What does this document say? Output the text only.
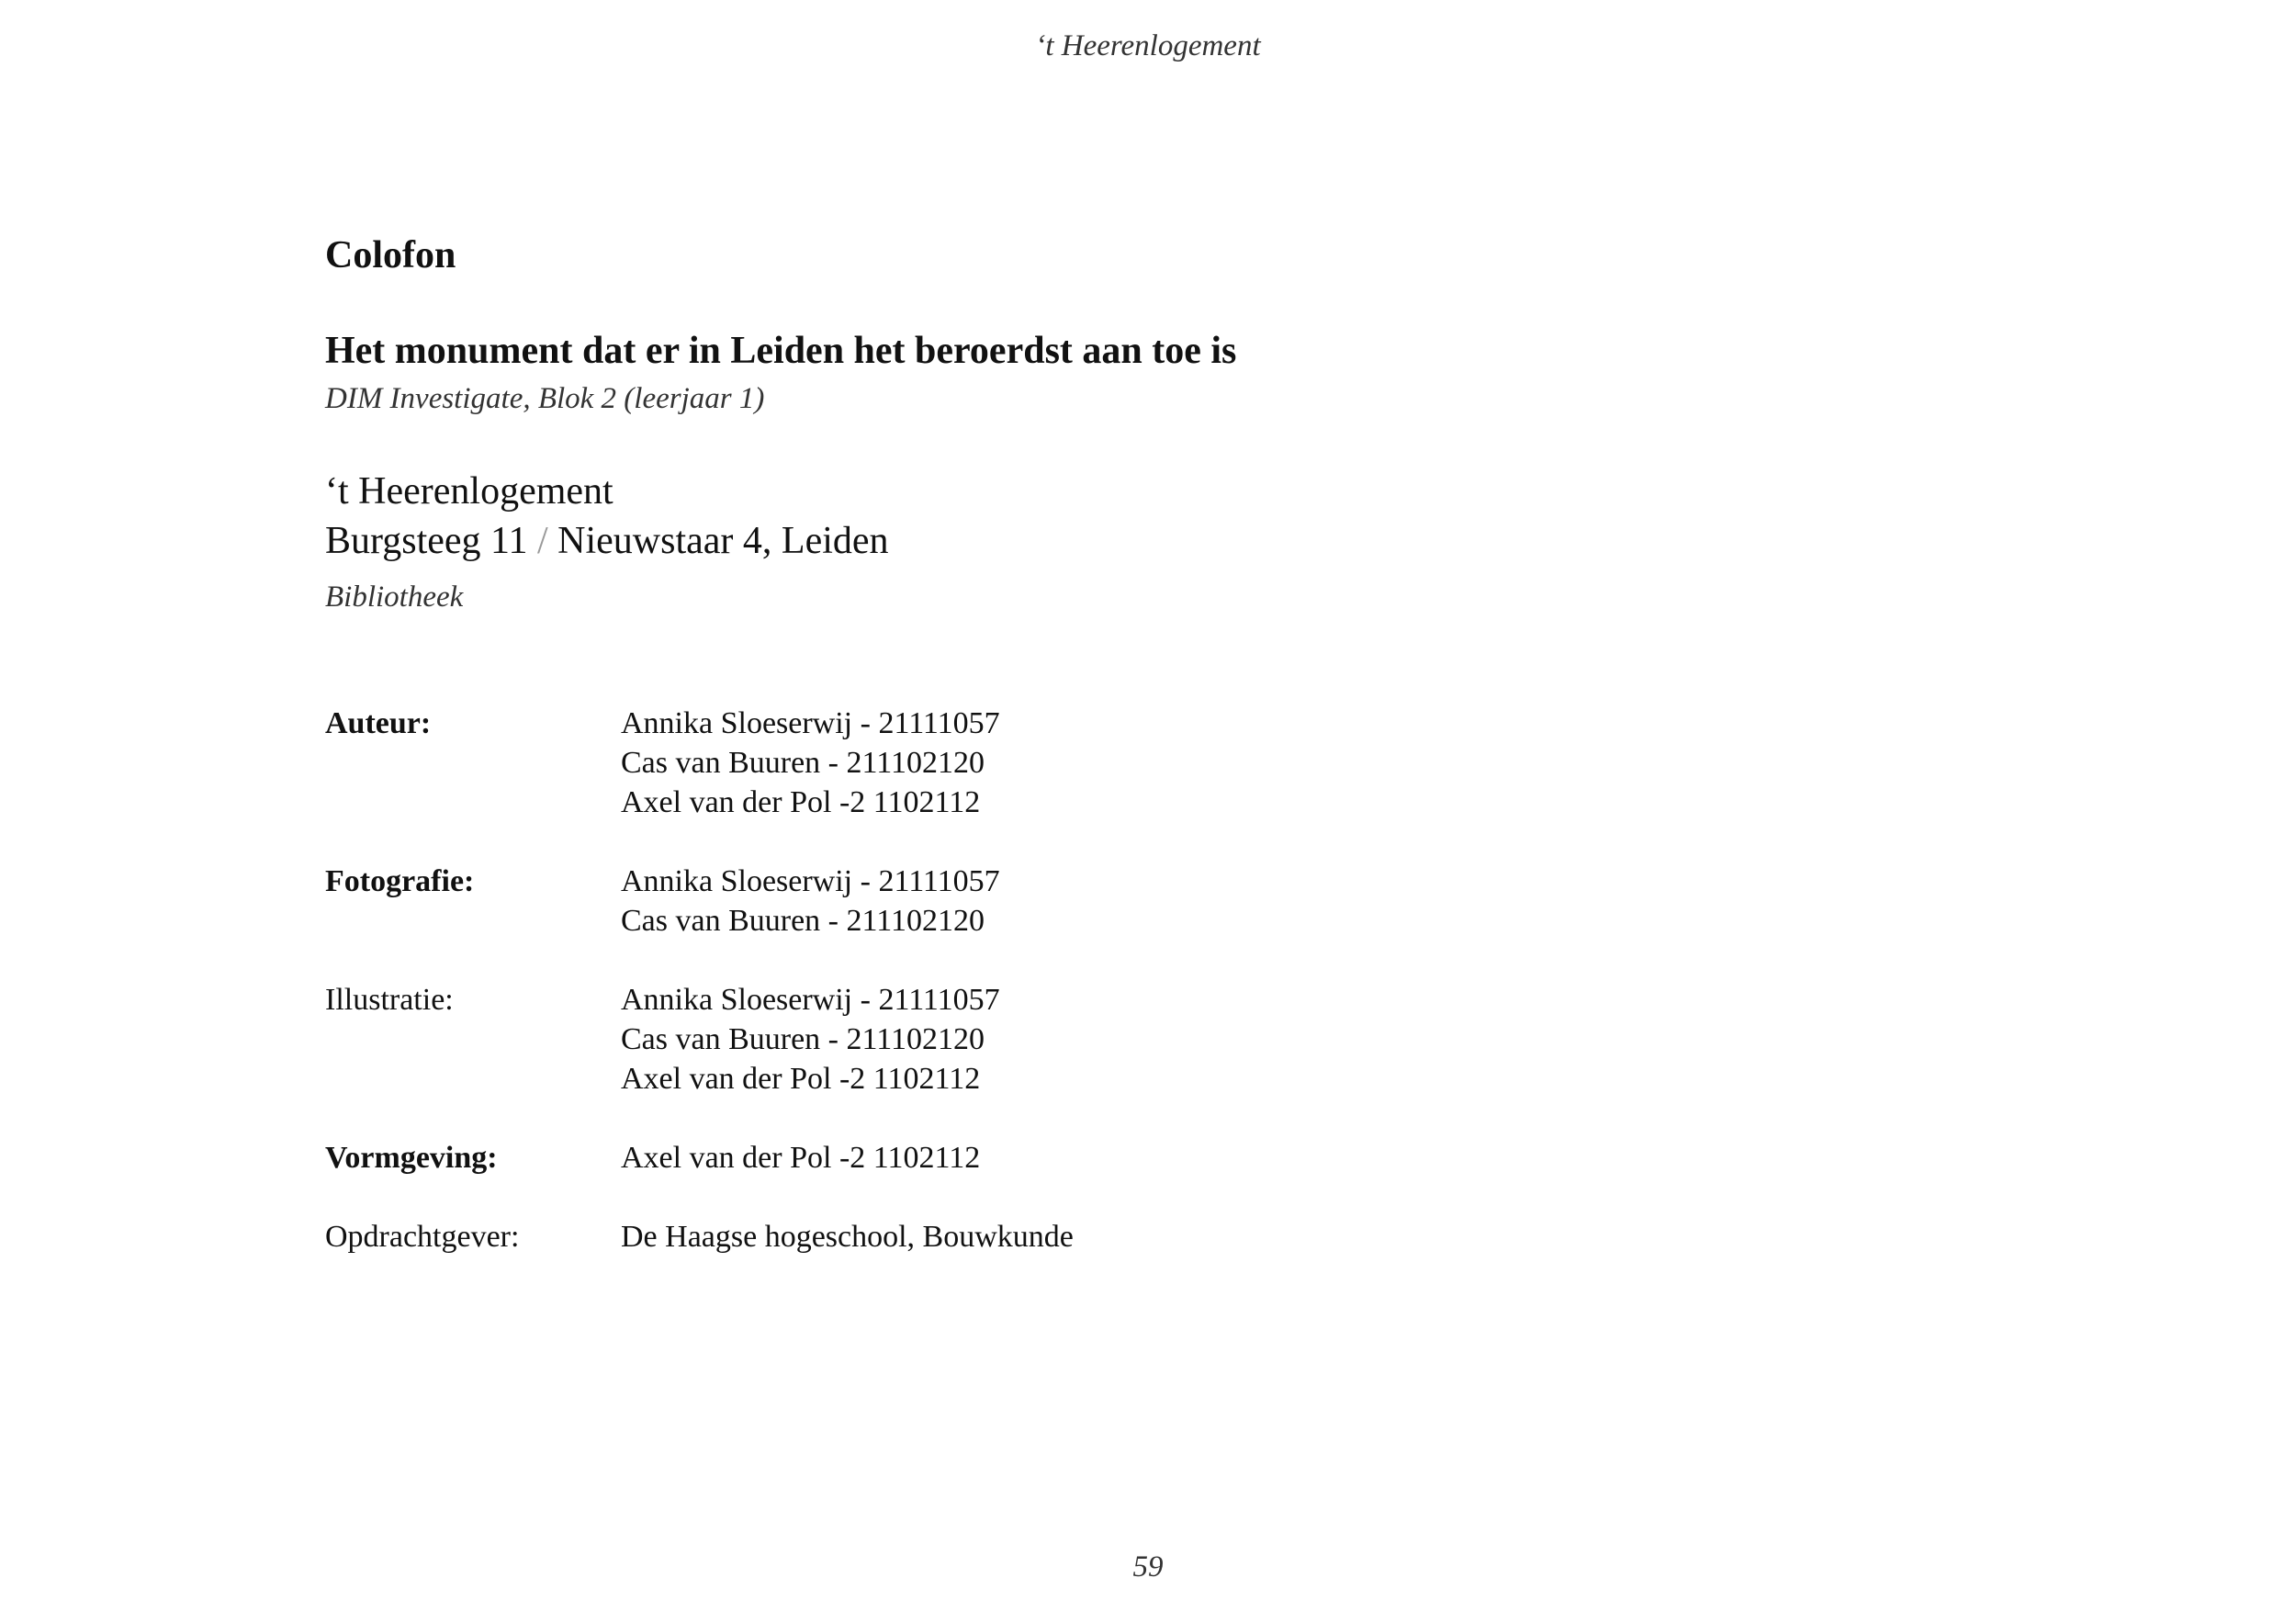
‘t Heerenlogement
Colofon
Het monument dat er in Leiden het beroerdst aan toe is
DIM Investigate, Blok 2 (leerjaar 1)
‘t Heerenlogement
Burgsteeg 11 / Nieuwstaar 4, Leiden
Bibliotheek
Auteur:	Annika Sloeserwij - 21111057
Cas van Buuren - 211102120
Axel van der Pol -2 1102112
Fotografie:	Annika Sloeserwij - 21111057
Cas van Buuren - 211102120
Illustratie:	Annika Sloeserwij - 21111057
Cas van Buuren - 211102120
Axel van der Pol -2 1102112
Vormgeving:	Axel van der Pol -2 1102112
Opdrachtgever:	De Haagse hogeschool, Bouwkunde
59
